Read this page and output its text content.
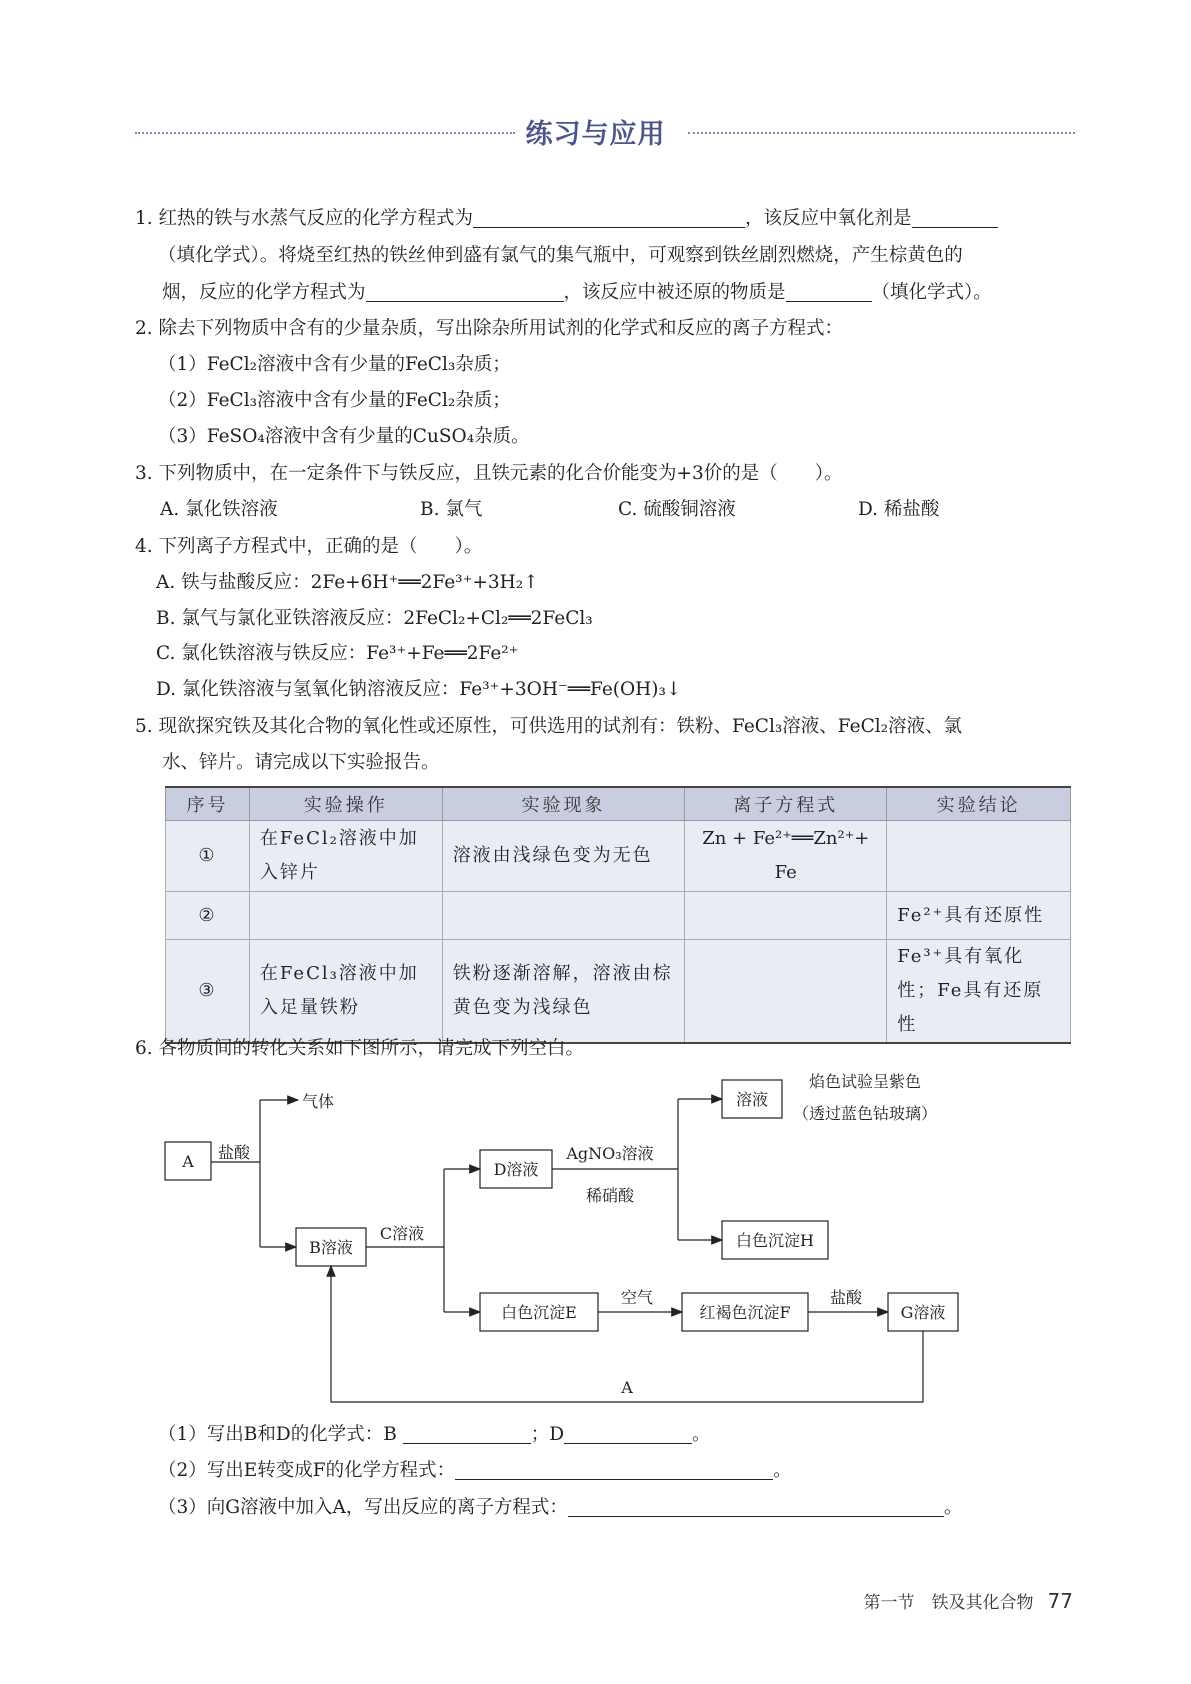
练习与应用
1. 红热的铁与水蒸气反应的化学方程式为	，该反应中氧化剂是
（填化学式）。将烧至红热的铁丝伸到盛有氯气的集气瓶中，可观察到铁丝剧烈燃烧，产生棕黄色的
烟，反应的化学方程式为	，该反应中被还原的物质是	（填化学式）。
2. 除去下列物质中含有的少量杂质，写出除杂所用试剂的化学式和反应的离子方程式：
（1）FeCl₂溶液中含有少量的FeCl₃杂质；
（2）FeCl₃溶液中含有少量的FeCl₂杂质；
（3）FeSO₄溶液中含有少量的CuSO₄杂质。
3. 下列物质中，在一定条件下与铁反应，且铁元素的化合价能变为+3价的是（　　）。
A. 氯化铁溶液	B. 氯气	C. 硫酸铜溶液	D. 稀盐酸
4. 下列离子方程式中，正确的是（　　）。
A. 铁与盐酸反应：2Fe+6H⁺══2Fe³⁺+3H₂↑
B. 氯气与氯化亚铁溶液反应：2FeCl₂+Cl₂══2FeCl₃
C. 氯化铁溶液与铁反应：Fe³⁺+Fe══2Fe²⁺
D. 氯化铁溶液与氢氧化钠溶液反应：Fe³⁺+3OH⁻══Fe(OH)₃↓
5. 现欲探究铁及其化合物的氧化性或还原性，可供选用的试剂有：铁粉、FeCl₃溶液、FeCl₂溶液、氯
水、锌片。请完成以下实验报告。
序号	实验操作	实验现象	离子方程式	实验结论
①	在FeCl₂溶液中加入锌片	溶液由浅绿色变为无色	Zn + Fe²⁺══Zn²⁺+ Fe	
②				Fe²⁺具有还原性
③	在FeCl₃溶液中加入足量铁粉	铁粉逐渐溶解，溶液由棕黄色变为浅绿色		Fe³⁺具有氧化性；Fe具有还原性
6. 各物质间的转化关系如下图所示，请完成下列空白。
A 盐酸
气体
B溶液
C溶液
D溶液
AgNO₃溶液
稀硝酸
溶液
焰色试验呈紫色
（透过蓝色钴玻璃）
白色沉淀H
白色沉淀E
空气
红褐色沉淀F
盐酸
G溶液
A
（1）写出B和D的化学式：B	；D	。
（2）写出E转变成F的化学方程式：	。
（3）向G溶液中加入A，写出反应的离子方程式：	。
第一节　铁及其化合物 77
